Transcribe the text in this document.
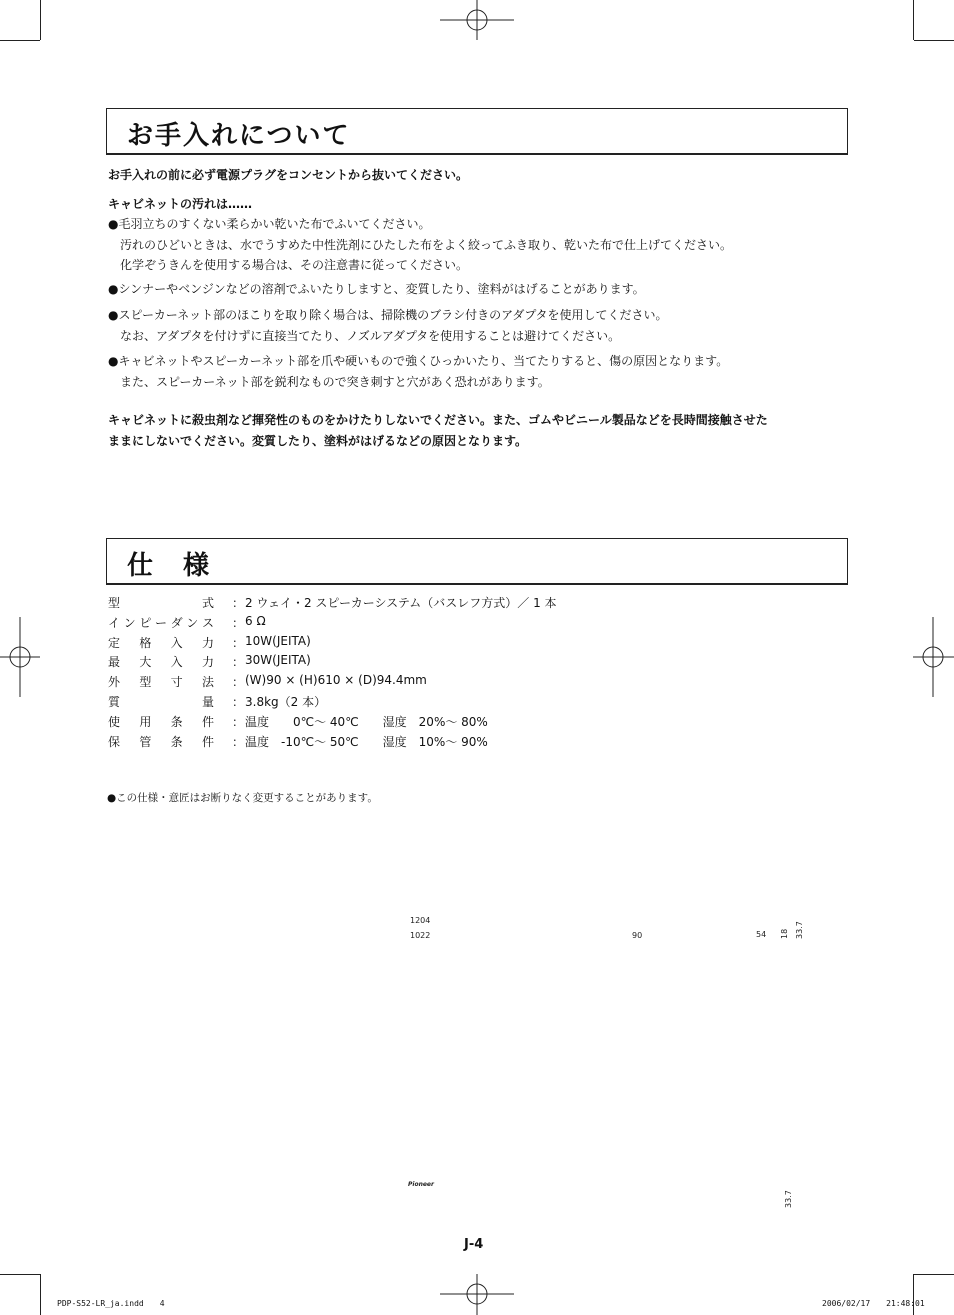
お手入れについて
お手入れの前に必ず電源プラグをコンセントから抜いてください。
キャビネットの汚れは……
●毛羽立ちのすくない柔らかい乾いた布でふいてください。
　汚れのひどいときは、水でうすめた中性洗剤にひたした布をよく絞ってふき取り、乾いた布で仕上げてください。
　化学ぞうきんを使用する場合は、その注意書に従ってください。
●シンナーやベンジンなどの溶剤でふいたりしますと、変質したり、塗料がはげることがあります。
●スピーカーネット部のほこりを取り除く場合は、掃除機のブラシ付きのアダプタを使用してください。
　なお、アダプタを付けずに直接当てたり、ノズルアダプタを使用することは避けてください。
●キャビネットやスピーカーネット部を爪や硬いもので強くひっかいたり、当てたりすると、傷の原因となります。
　また、スピーカーネット部を鋭利なもので突き刺すと穴があく恐れがあります。
キャビネットに殺虫剤など揮発性のものをかけたりしないでください。また、ゴムやビニール製品などを長時間接触させた
ままにしないでください。変質したり、塗料がはげるなどの原因となります。
仕　様
型	式 ： 2 ウェイ・2 スピーカーシステム（バスレフ方式）／ 1 本
イ ン ピ ー ダ ン ス ： 6 Ω
定 格 入 力 ： 10W(JEITA)
最 大 入 力 ： 30W(JEITA)
外 型 寸 法 ： (W)90 × (H)610 × (D)94.4mm
質	量 ： 3.8kg（2 本）
使 用 条 件 ： 温度　　0℃～ 40℃　　湿度　20%～ 80%
保 管 条 件 ： 温度　-10℃～ 50℃　　湿度　10%～ 90%
●この仕様・意匠はお断りなく変更することがあります。
1204
1022	90	54 18 33.7
33.7
Pioneer
J-4
PDP-S52-LR_ja.indd　　4	2006/02/17　　21:48:01
